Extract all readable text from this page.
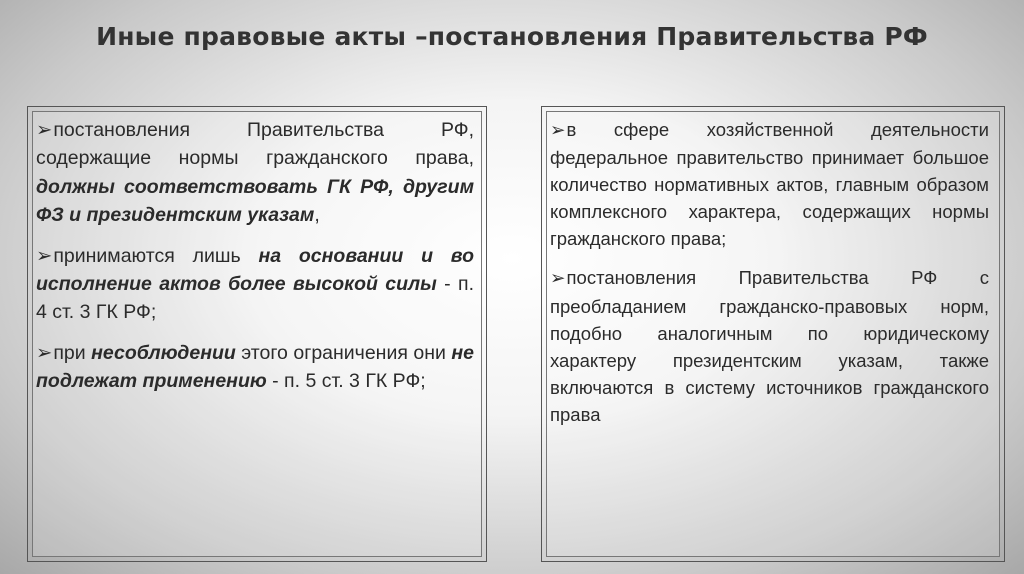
Иные правовые акты –постановления Правительства РФ

➢постановления Правительства РФ, содержащие нормы гражданского права, должны соответствовать ГК РФ, другим ФЗ и президентским указам,

➢принимаются лишь на основании и во исполнение актов более высокой силы - п. 4 ст. 3 ГК РФ;

➢при несоблюдении этого ограничения они не подлежат применению - п. 5 ст. 3 ГК РФ;

➢в сфере хозяйственной деятельности федеральное правительство принимает большое количество нормативных актов, главным образом комплексного характера, содержащих нормы гражданского права;

➢постановления Правительства РФ с преобладанием гражданско-правовых норм, подобно аналогичным по юридическому характеру президентским указам, также включаются в систему источников гражданского права
